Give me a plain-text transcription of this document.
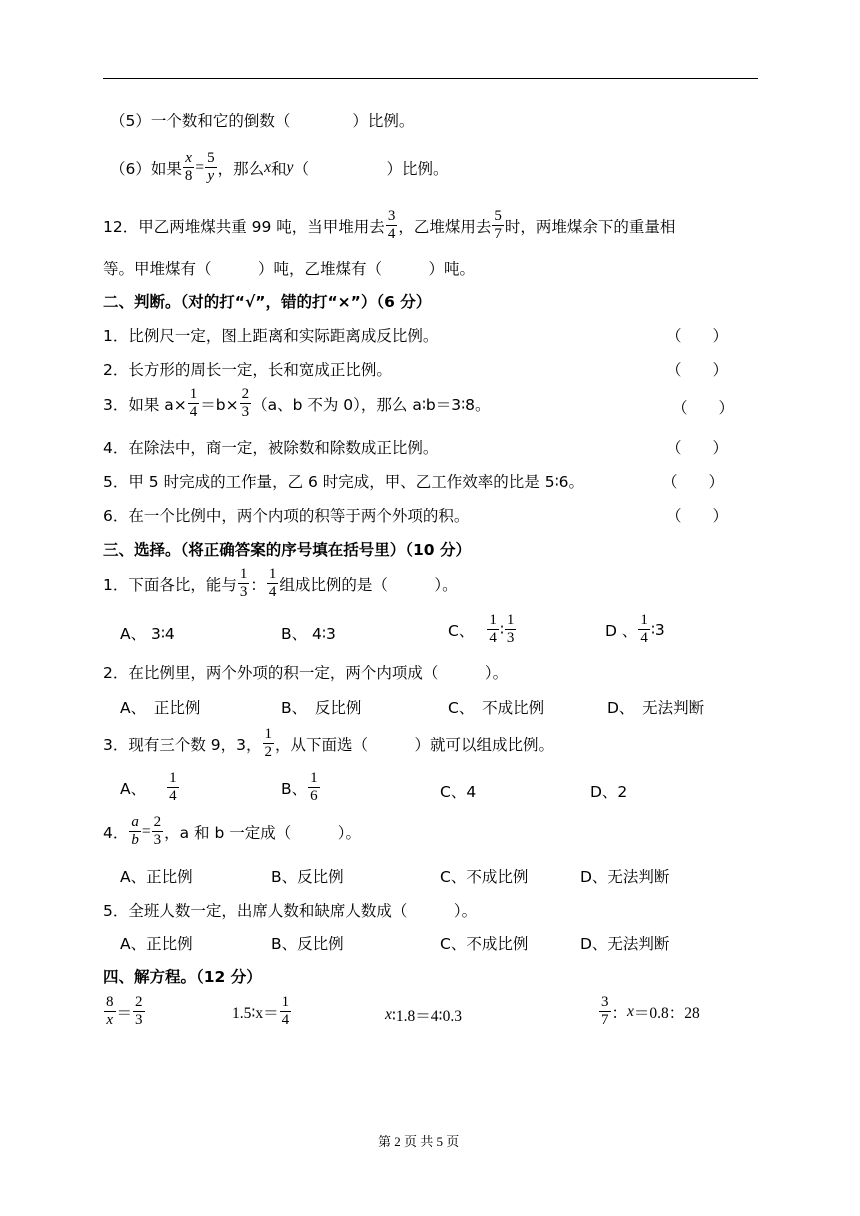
（5）一个数和它的倒数（　　　　）比例。
（6）如果 $\frac{x}{8} = \frac{5}{y}$ ，那么 x 和 y （　　　　　）比例。
12．甲乙两堆煤共重 99 吨，当甲堆用去 $\frac{3}{4}$ ，乙堆煤用去 $\frac{5}{7}$ 时，两堆煤余下的重量相
等。甲堆煤有（　　　）吨，乙堆煤有（　　　）吨。
二、判断。（对的打“√”，错的打“×”）（6 分）
1．比例尺一定，图上距离和实际距离成反比例。	（　　）
2．长方形的周长一定，长和宽成正比例。	（　　）
3．如果 $a\times \frac{1}{4} =b\times \frac{2}{3} (a$、b 不为 0），那么 a∶b＝3∶8。	（　　）
4．在除法中，商一定，被除数和除数成正比例。	（　　）
5．甲 5 时完成的工作量，乙 6 时完成，甲、乙工作效率的比是 5∶6。	（　　）
6．在一个比例中，两个内项的积等于两个外项的积。	（　　）
三、选择。（将正确答案的序号填在括号里）（10 分）
1．下面各比，能与 $\frac{1}{3}$ ： $\frac{1}{4}$ 组成比例的是（　　　）。
A、 3∶4	B、 4∶3	C、 $\frac{1}{4}$ ∶ $\frac{1}{3}$	D 、 $\frac{1}{4}$ ∶3
2．在比例里，两个外项的积一定，两个内项成（　　　）。
A、　正比例	B、　反比例	C、　不成比例	D、　无法判断
3．现有三个数 9，3， $\frac{1}{2}$ ，从下面选（　　　）就可以组成比例。
A、 $\frac{1}{4}$	B、 $\frac{1}{6}$	C、4	D、2
4． $\frac{a}{b} = \frac{2}{3}$ ，a 和 b 一定成（　　　）。
A、正比例	B、反比例	C、不成比例	D、无法判断
5．全班人数一定，出席人数和缺席人数成（　　　）。
A、正比例	B、反比例	C、不成比例	D、无法判断
四、解方程。（12 分）
$\frac{8}{x} = \frac{2}{3}$	1.5∶x＝ $\frac{1}{4}$	x ∶1.8＝4∶0.3	$\frac{3}{7}$ ： x ＝0.8：28
第 2 页 共 5 页
